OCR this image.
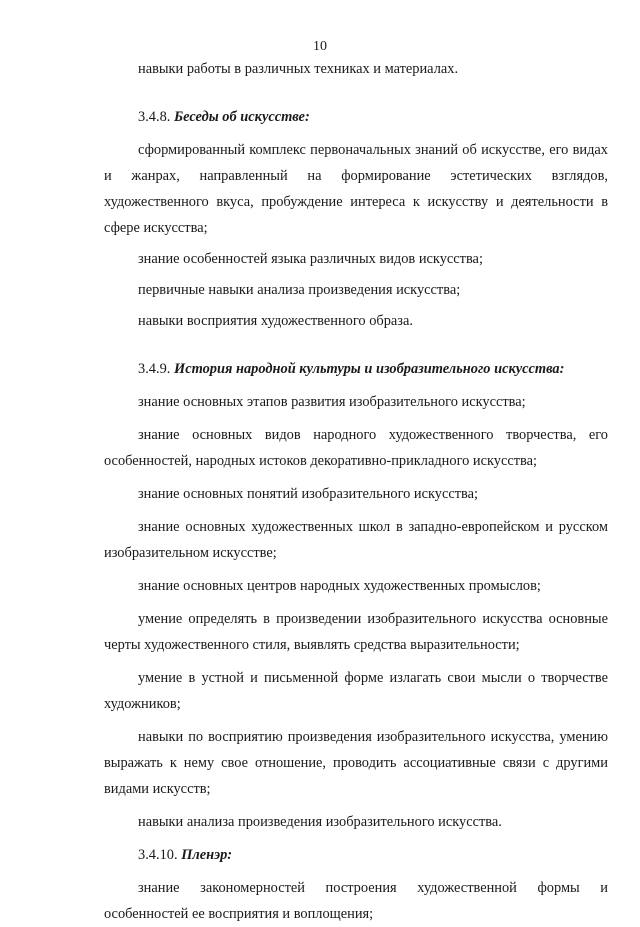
10

навыки работы в различных техниках и материалах.

3.4.8. Беседы об искусстве:

сформированный комплекс первоначальных знаний об искусстве, его видах и жанрах, направленный на формирование эстетических взглядов, художественного вкуса, пробуждение интереса к искусству и деятельности в сфере искусства;

знание особенностей языка различных видов искусства;

первичные навыки анализа произведения искусства;

навыки восприятия художественного образа.

3.4.9. История народной культуры и изобразительного искусства:

знание основных этапов развития изобразительного искусства;

знание основных видов народного художественного творчества, его особенностей, народных истоков декоративно-прикладного искусства;

знание основных понятий изобразительного искусства;

знание основных художественных школ в западно-европейском и русском изобразительном искусстве;

знание основных центров народных художественных промыслов;

умение определять в произведении изобразительного искусства основные черты художественного стиля, выявлять средства выразительности;

умение в устной и письменной форме излагать свои мысли о творчестве художников;

навыки по восприятию произведения изобразительного искусства, умению выражать к нему свое отношение, проводить ассоциативные связи с другими видами искусств;

навыки анализа произведения изобразительного искусства.

3.4.10. Пленэр:

знание закономерностей построения художественной формы и особенностей ее восприятия и воплощения;
